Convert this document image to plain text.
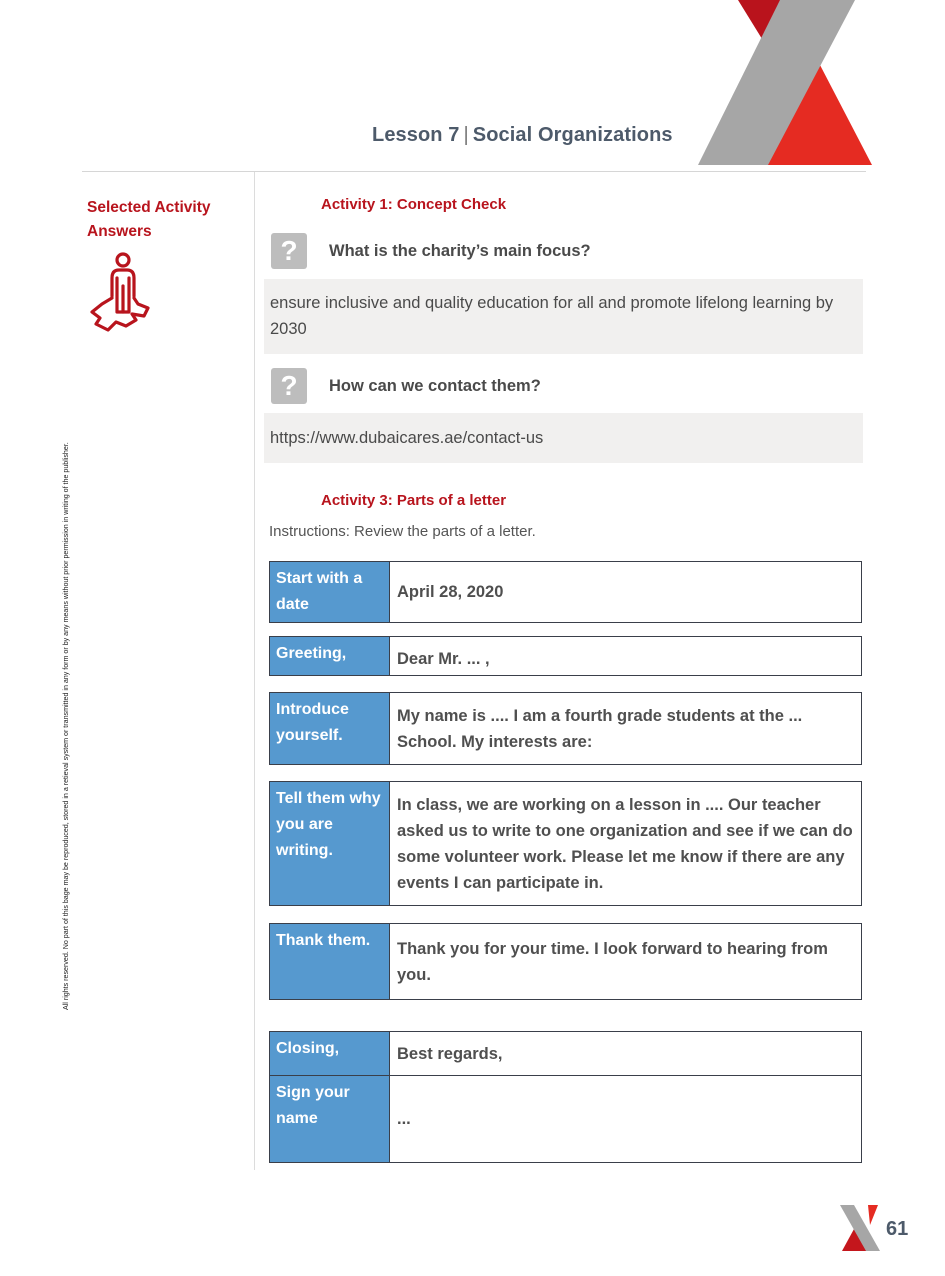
Lesson 7 | Social Organizations
All rights reserved. No part of this bage may be reproduced, stored in a retieval system or transmitted in any form or by any means without prior permission in writing of the publisher.
Selected Activity Answers
Activity 1: Concept Check
?	What is the charity’s main focus?
ensure inclusive and quality education for all and promote lifelong learning by 2030
?	How can we contact them?
https://www.dubaicares.ae/contact-us
Activity 3: Parts of a letter
Instructions: Review the parts of a letter.
Start with a date	April 28, 2020
Greeting,	Dear Mr. ... ,
Introduce yourself.	My name is .... I am a fourth grade students at the ... School. My interests are:
Tell them why you are writing.	In class, we are working on a lesson in .... Our teacher asked us to write to one organization and see if we can do some volunteer work. Please let me know if there are any events I can participate in.
Thank them.	Thank you for your time. I look forward to hearing from you.
Closing,	Best regards,
Sign your name	...
61
